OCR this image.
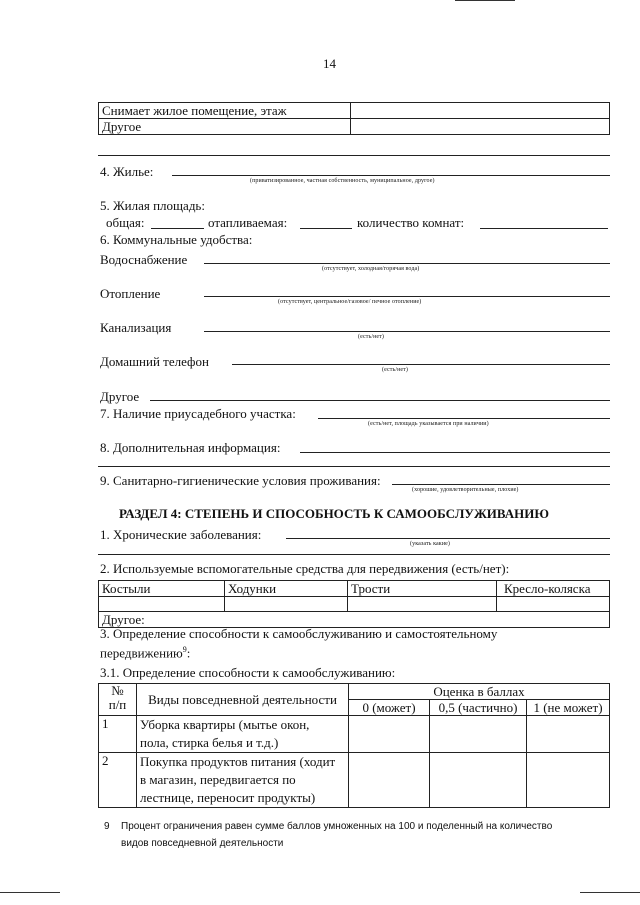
14
Снимает жилое помещение, этаж	
Другое	
4. Жилье:
(приватизированное, частная собственность, муниципальное, другое)
5. Жилая площадь:
общая:	отапливаемая:	количество комнат:
6. Коммунальные удобства:
Водоснабжение
(отсутствует, холодная/горячая вода)
Отопление
(отсутствует, центральное/газовое/ печное отопление)
Канализация
(есть/нет)
Домашний телефон
(есть/нет)
Другое
7. Наличие приусадебного участка:
(есть/нет, площадь указывается при наличии)
8. Дополнительная информация:
9. Санитарно-гигиенические условия проживания:
(хорошие, удовлетворительные, плохие)
РАЗДЕЛ 4: СТЕПЕНЬ И СПОСОБНОСТЬ К САМООБСЛУЖИВАНИЮ
1. Хронические заболевания:
(указать какие)
2. Используемые вспомогательные средства для передвижения (есть/нет):
Костыли	Ходунки	Трости	Кресло-коляска

Другое:			
3. Определение способности к самообслуживанию и самостоятельному
передвижению$^9$:
3.1. Определение способности к самообслуживанию:
№
п/п	Виды повседневной деятельности	Оценка в баллах		
		0 (может)	0,5 (частично)	1 (не может)
1	Уборка квартиры (мытье окон,
пола, стирка белья и т.д.)			

2	Покупка продуктов питания (ходит
в магазин, передвигается по
лестнице, переносит продукты)			

9 Процент ограничения равен сумме баллов умноженных на 100 и поделенный на количество
видов повседневной деятельности
